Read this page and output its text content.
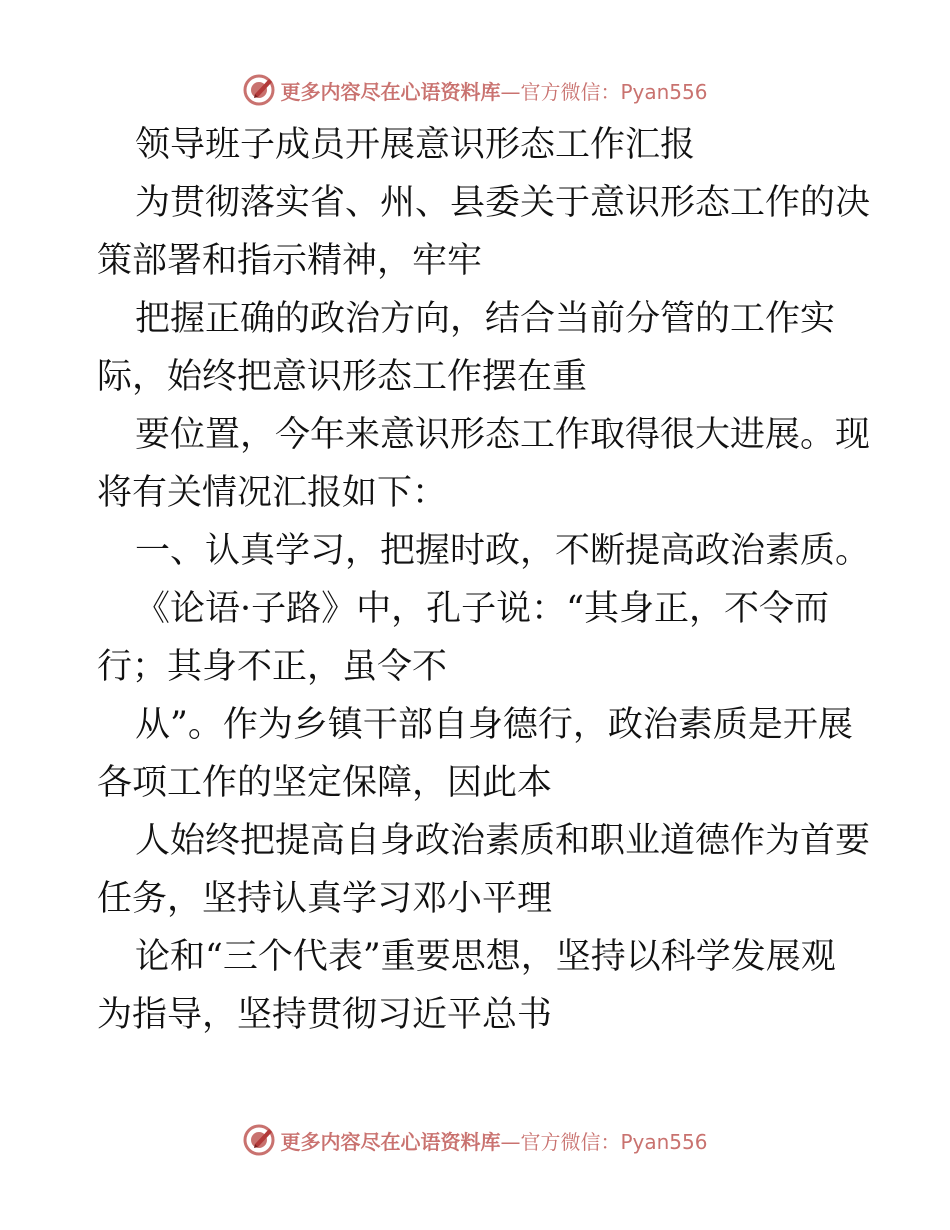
更多内容尽在心语资料库 —官方微信：Pyan556
领导班子成员开展意识形态工作汇报
为贯彻落实省、州、县委关于意识形态工作的决
策部署和指示精神，牢牢
把握正确的政治方向，结合当前分管的工作实
际，始终把意识形态工作摆在重
要位置，今年来意识形态工作取得很大进展。现
将有关情况汇报如下：
一、认真学习，把握时政，不断提高政治素质。
《论语·子路》中，孔子说：“其身正，不令而
行；其身不正，虽令不
从”。作为乡镇干部自身德行，政治素质是开展
各项工作的坚定保障，因此本
人始终把提高自身政治素质和职业道德作为首要
任务，坚持认真学习邓小平理
论和“三个代表”重要思想，坚持以科学发展观
为指导，坚持贯彻习近平总书
更多内容尽在心语资料库 —官方微信：Pyan556
